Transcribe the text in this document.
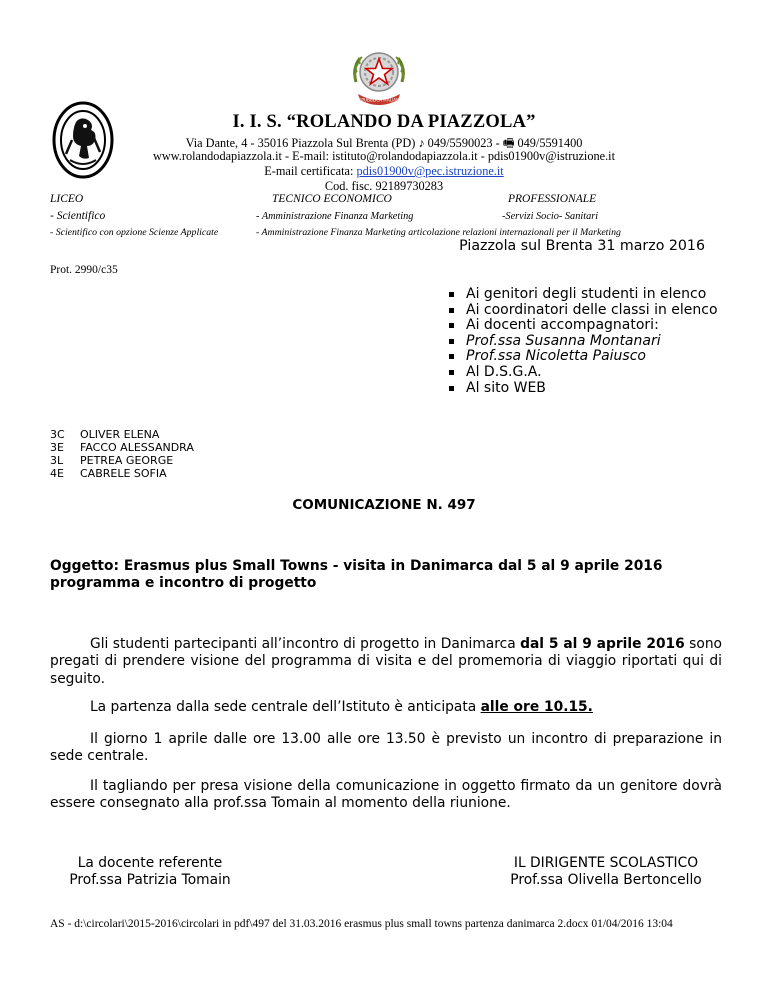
REPUBBLICA ITALIANA
I. I. S. “ROLANDO DA PIAZZOLA”
Via Dante, 4 - 35016 Piazzola Sul Brenta (PD) ♪ 049/5590023 - 🖷 049/5591400
www.rolandodapiazzola.it - E-mail: istituto@rolandodapiazzola.it - pdis01900v@istruzione.it
E-mail certificata: pdis01900v@pec.istruzione.it
Cod. fisc. 92189730283
LICEO
- Scientifico
- Scientifico con opzione Scienze Applicate
TECNICO ECONOMICO
- Amministrazione Finanza Marketing
- Amministrazione Finanza Marketing articolazione relazioni internazionali per il Marketing
PROFESSIONALE
-Servizi Socio- Sanitari
Prot. 2990/c35
Piazzola sul Brenta 31 marzo 2016
Ai genitori degli studenti in elenco
Ai coordinatori delle classi in elenco
Ai docenti accompagnatori:
Prof.ssa Susanna Montanari
Prof.ssa Nicoletta Paiusco
Al D.S.G.A.
Al sito WEB
3C OLIVER ELENA
3E FACCO ALESSANDRA
3L PETREA GEORGE
4E CABRELE SOFIA
COMUNICAZIONE N. 497
Oggetto: Erasmus plus Small Towns - visita in Danimarca dal 5 al 9 aprile 2016
programma e incontro di progetto
Gli studenti partecipanti all’incontro di progetto in Danimarca dal 5 al 9 aprile 2016 sono pregati di prendere visione del programma di visita e del promemoria di viaggio riportati qui di seguito.
La partenza dalla sede centrale dell’Istituto è anticipata alle ore 10.15.
Il giorno 1 aprile dalle ore 13.00 alle ore 13.50 è previsto un incontro di preparazione in sede centrale.
Il tagliando per presa visione della comunicazione in oggetto firmato da un genitore dovrà essere consegnato alla prof.ssa Tomain al momento della riunione.
La docente referente
Prof.ssa Patrizia Tomain
IL DIRIGENTE SCOLASTICO
Prof.ssa Olivella Bertoncello
AS - d:\circolari\2015-2016\circolari in pdf\497 del 31.03.2016 erasmus plus small towns partenza danimarca 2.docx 01/04/2016 13:04
